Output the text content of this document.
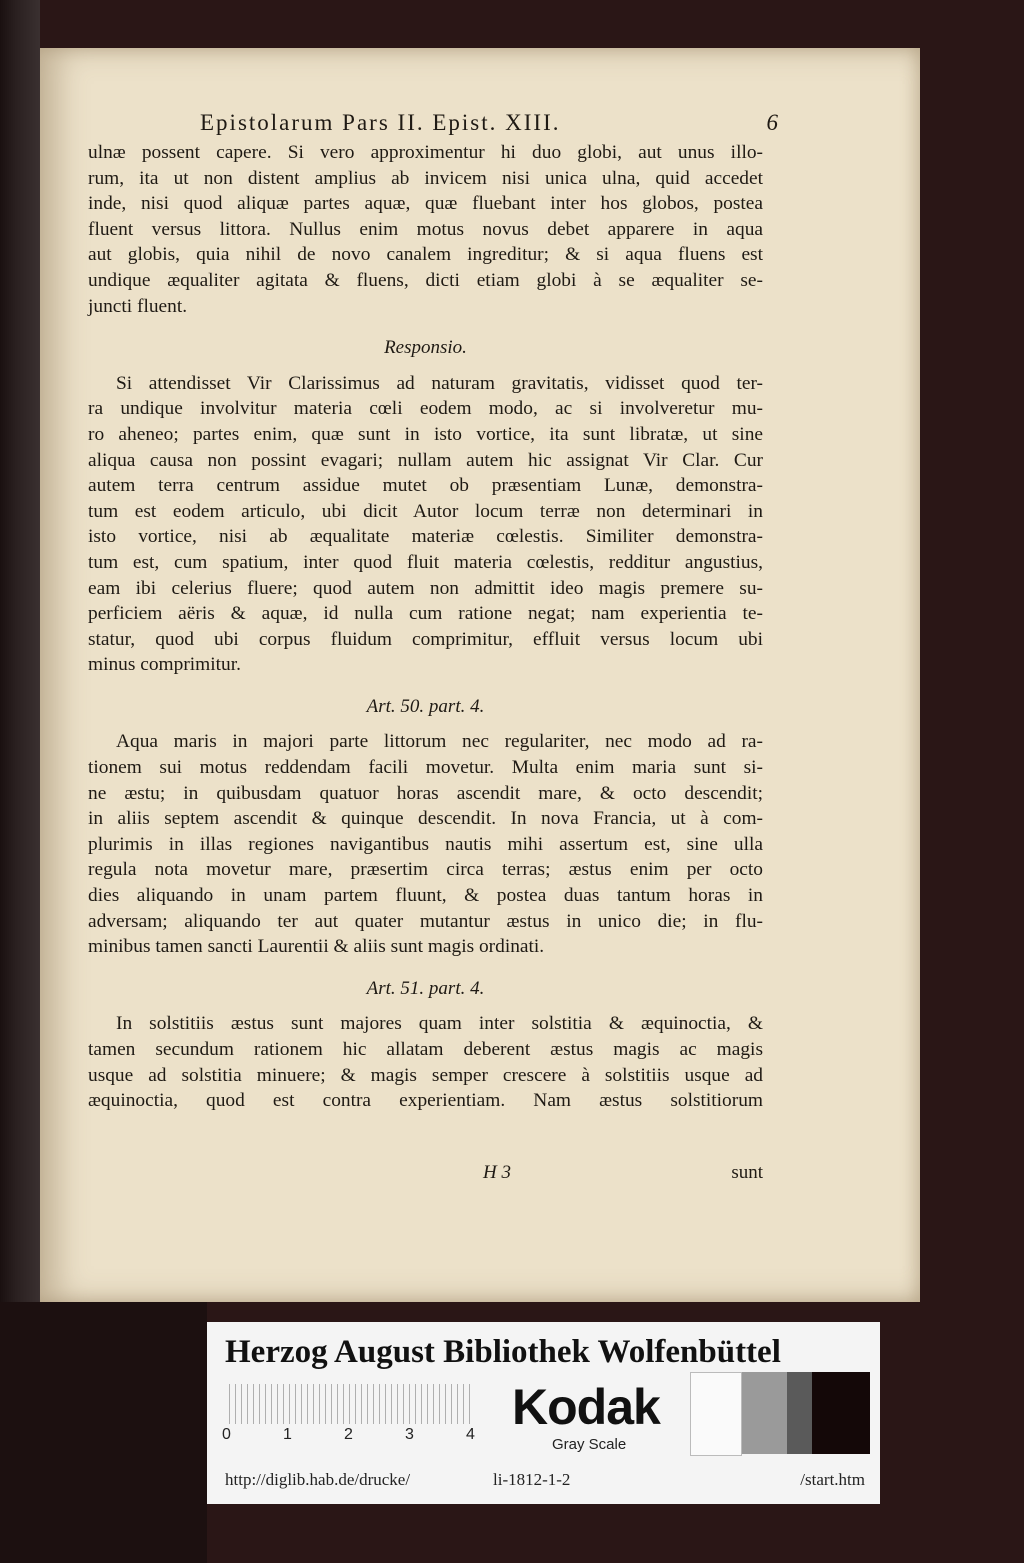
Epistolarum Pars II. Epist. XIII.	6
ulnæ possent capere. Si vero approximentur hi duo globi, aut unus illo-
rum, ita ut non distent amplius ab invicem nisi unica ulna, quid accedet
inde, nisi quod aliquæ partes aquæ, quæ fluebant inter hos globos, postea
fluent versus littora. Nullus enim motus novus debet apparere in aqua
aut globis, quia nihil de novo canalem ingreditur; & si aqua fluens est
undique æqualiter agitata & fluens, dicti etiam globi à se æqualiter se-
juncti fluent.
Responsio.
Si attendisset Vir Clarissimus ad naturam gravitatis, vidisset quod ter-
ra undique involvitur materia cœli eodem modo, ac si involveretur mu-
ro aheneo; partes enim, quæ sunt in isto vortice, ita sunt libratæ, ut sine
aliqua causa non possint evagari; nullam autem hic assignat Vir Clar. Cur
autem terra centrum assidue mutet ob præsentiam Lunæ, demonstra-
tum est eodem articulo, ubi dicit Autor locum terræ non determinari in
isto vortice, nisi ab æqualitate materiæ cœlestis. Similiter demonstra-
tum est, cum spatium, inter quod fluit materia cœlestis, redditur angustius,
eam ibi celerius fluere; quod autem non admittit ideo magis premere su-
perficiem aëris & aquæ, id nulla cum ratione negat; nam experientia te-
statur, quod ubi corpus fluidum comprimitur, effluit versus locum ubi
minus comprimitur.
Art. 50. part. 4.
Aqua maris in majori parte littorum nec regulariter, nec modo ad ra-
tionem sui motus reddendam facili movetur. Multa enim maria sunt si-
ne æstu; in quibusdam quatuor horas ascendit mare, & octo descendit;
in aliis septem ascendit & quinque descendit. In nova Francia, ut à com-
plurimis in illas regiones navigantibus nautis mihi assertum est, sine ulla
regula nota movetur mare, præsertim circa terras; æstus enim per octo
dies aliquando in unam partem fluunt, & postea duas tantum horas in
adversam; aliquando ter aut quater mutantur æstus in unico die; in flu-
minibus tamen sancti Laurentii & aliis sunt magis ordinati.
Art. 51. part. 4.
In solstitiis æstus sunt majores quam inter solstitia & æquinoctia, &
tamen secundum rationem hic allatam deberent æstus magis ac magis
usque ad solstitia minuere; & magis semper crescere à solstitiis usque ad
æquinoctia, quod est contra experientiam. Nam æstus solstitiorum
H 3	sunt
Herzog August Bibliothek Wolfenbüttel
0	1	2	3	4 Kodak
Gray Scale
http://diglib.hab.de/drucke/	li-1812-1-2	/start.htm
